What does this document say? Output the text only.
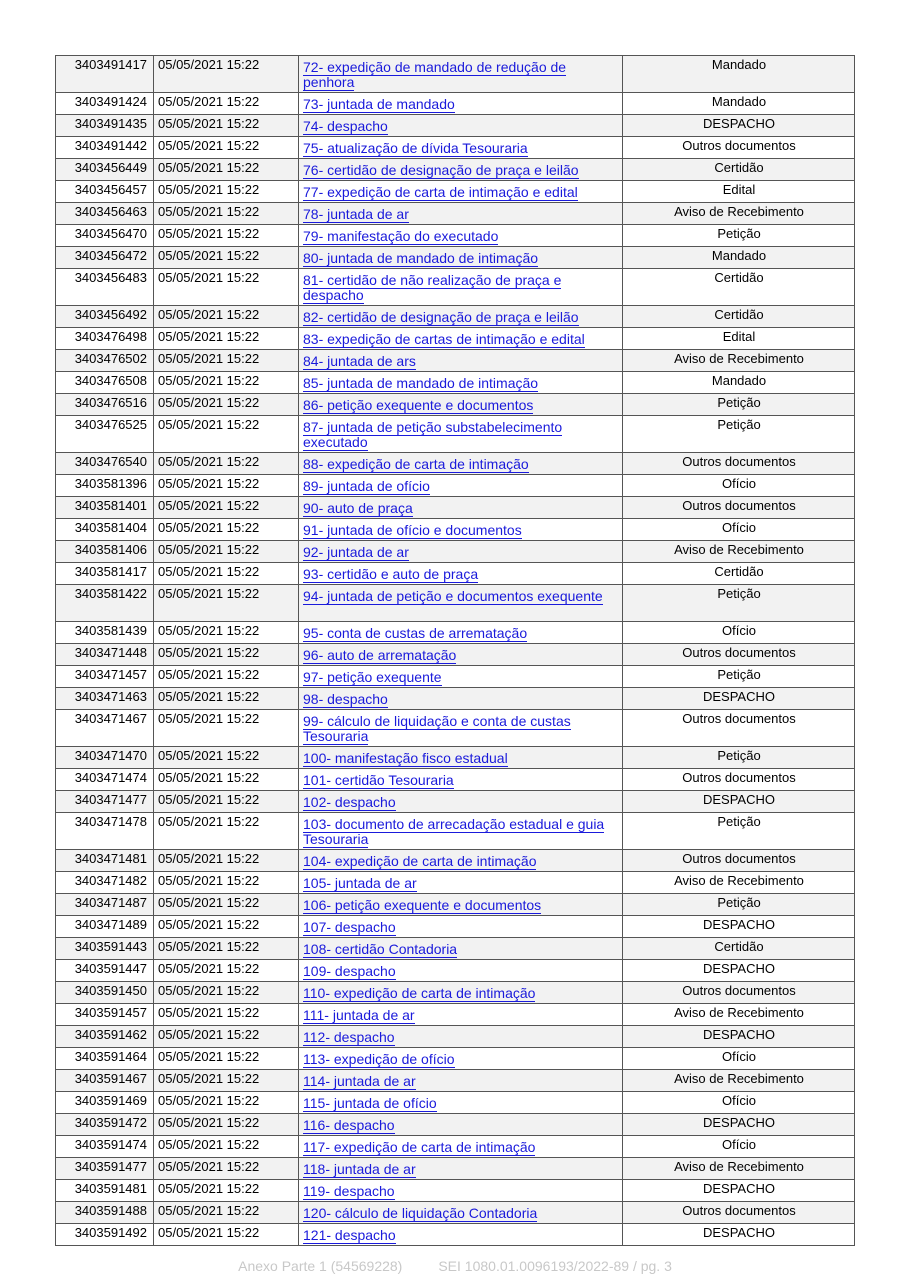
3403491417	05/05/2021 15:22	72- expedição de mandado de redução de penhora	Mandado
3403491424	05/05/2021 15:22	73- juntada de mandado	Mandado
3403491435	05/05/2021 15:22	74- despacho	DESPACHO
3403491442	05/05/2021 15:22	75- atualização de dívida Tesouraria	Outros documentos
3403456449	05/05/2021 15:22	76- certidão de designação de praça e leilão	Certidão
3403456457	05/05/2021 15:22	77- expedição de carta de intimação e edital	Edital
3403456463	05/05/2021 15:22	78- juntada de ar	Aviso de Recebimento
3403456470	05/05/2021 15:22	79- manifestação do executado	Petição
3403456472	05/05/2021 15:22	80- juntada de mandado de intimação	Mandado
3403456483	05/05/2021 15:22	81- certidão de não realização de praça e despacho	Certidão
3403456492	05/05/2021 15:22	82- certidão de designação de praça e leilão	Certidão
3403476498	05/05/2021 15:22	83- expedição de cartas de intimação e edital	Edital
3403476502	05/05/2021 15:22	84- juntada de ars	Aviso de Recebimento
3403476508	05/05/2021 15:22	85- juntada de mandado de intimação	Mandado
3403476516	05/05/2021 15:22	86- petição exequente e documentos	Petição
3403476525	05/05/2021 15:22	87- juntada de petição substabelecimento executado	Petição
3403476540	05/05/2021 15:22	88- expedição de carta de intimação	Outros documentos
3403581396	05/05/2021 15:22	89- juntada de ofício	Ofício
3403581401	05/05/2021 15:22	90- auto de praça	Outros documentos
3403581404	05/05/2021 15:22	91- juntada de ofício e documentos	Ofício
3403581406	05/05/2021 15:22	92- juntada de ar	Aviso de Recebimento
3403581417	05/05/2021 15:22	93- certidão e auto de praça	Certidão
3403581422	05/05/2021 15:22	94- juntada de petição e documentos exequente	Petição
3403581439	05/05/2021 15:22	95- conta de custas de arrematação	Ofício
3403471448	05/05/2021 15:22	96- auto de arrematação	Outros documentos
3403471457	05/05/2021 15:22	97- petição exequente	Petição
3403471463	05/05/2021 15:22	98- despacho	DESPACHO
3403471467	05/05/2021 15:22	99- cálculo de liquidação e conta de custas Tesouraria	Outros documentos
3403471470	05/05/2021 15:22	100- manifestação fisco estadual	Petição
3403471474	05/05/2021 15:22	101- certidão Tesouraria	Outros documentos
3403471477	05/05/2021 15:22	102- despacho	DESPACHO
3403471478	05/05/2021 15:22	103- documento de arrecadação estadual e guia Tesouraria	Petição
3403471481	05/05/2021 15:22	104- expedição de carta de intimação	Outros documentos
3403471482	05/05/2021 15:22	105- juntada de ar	Aviso de Recebimento
3403471487	05/05/2021 15:22	106- petição exequente e documentos	Petição
3403471489	05/05/2021 15:22	107- despacho	DESPACHO
3403591443	05/05/2021 15:22	108- certidão Contadoria	Certidão
3403591447	05/05/2021 15:22	109- despacho	DESPACHO
3403591450	05/05/2021 15:22	110- expedição de carta de intimação	Outros documentos
3403591457	05/05/2021 15:22	111- juntada de ar	Aviso de Recebimento
3403591462	05/05/2021 15:22	112- despacho	DESPACHO
3403591464	05/05/2021 15:22	113- expedição de ofício	Ofício
3403591467	05/05/2021 15:22	114- juntada de ar	Aviso de Recebimento
3403591469	05/05/2021 15:22	115- juntada de ofício	Ofício
3403591472	05/05/2021 15:22	116- despacho	DESPACHO
3403591474	05/05/2021 15:22	117- expedição de carta de intimação	Ofício
3403591477	05/05/2021 15:22	118- juntada de ar	Aviso de Recebimento
3403591481	05/05/2021 15:22	119- despacho	DESPACHO
3403591488	05/05/2021 15:22	120- cálculo de liquidação Contadoria	Outros documentos
3403591492	05/05/2021 15:22	121- despacho	DESPACHO
Anexo Parte 1 (54569228)	SEI 1080.01.0096193/2022-89 / pg. 3
